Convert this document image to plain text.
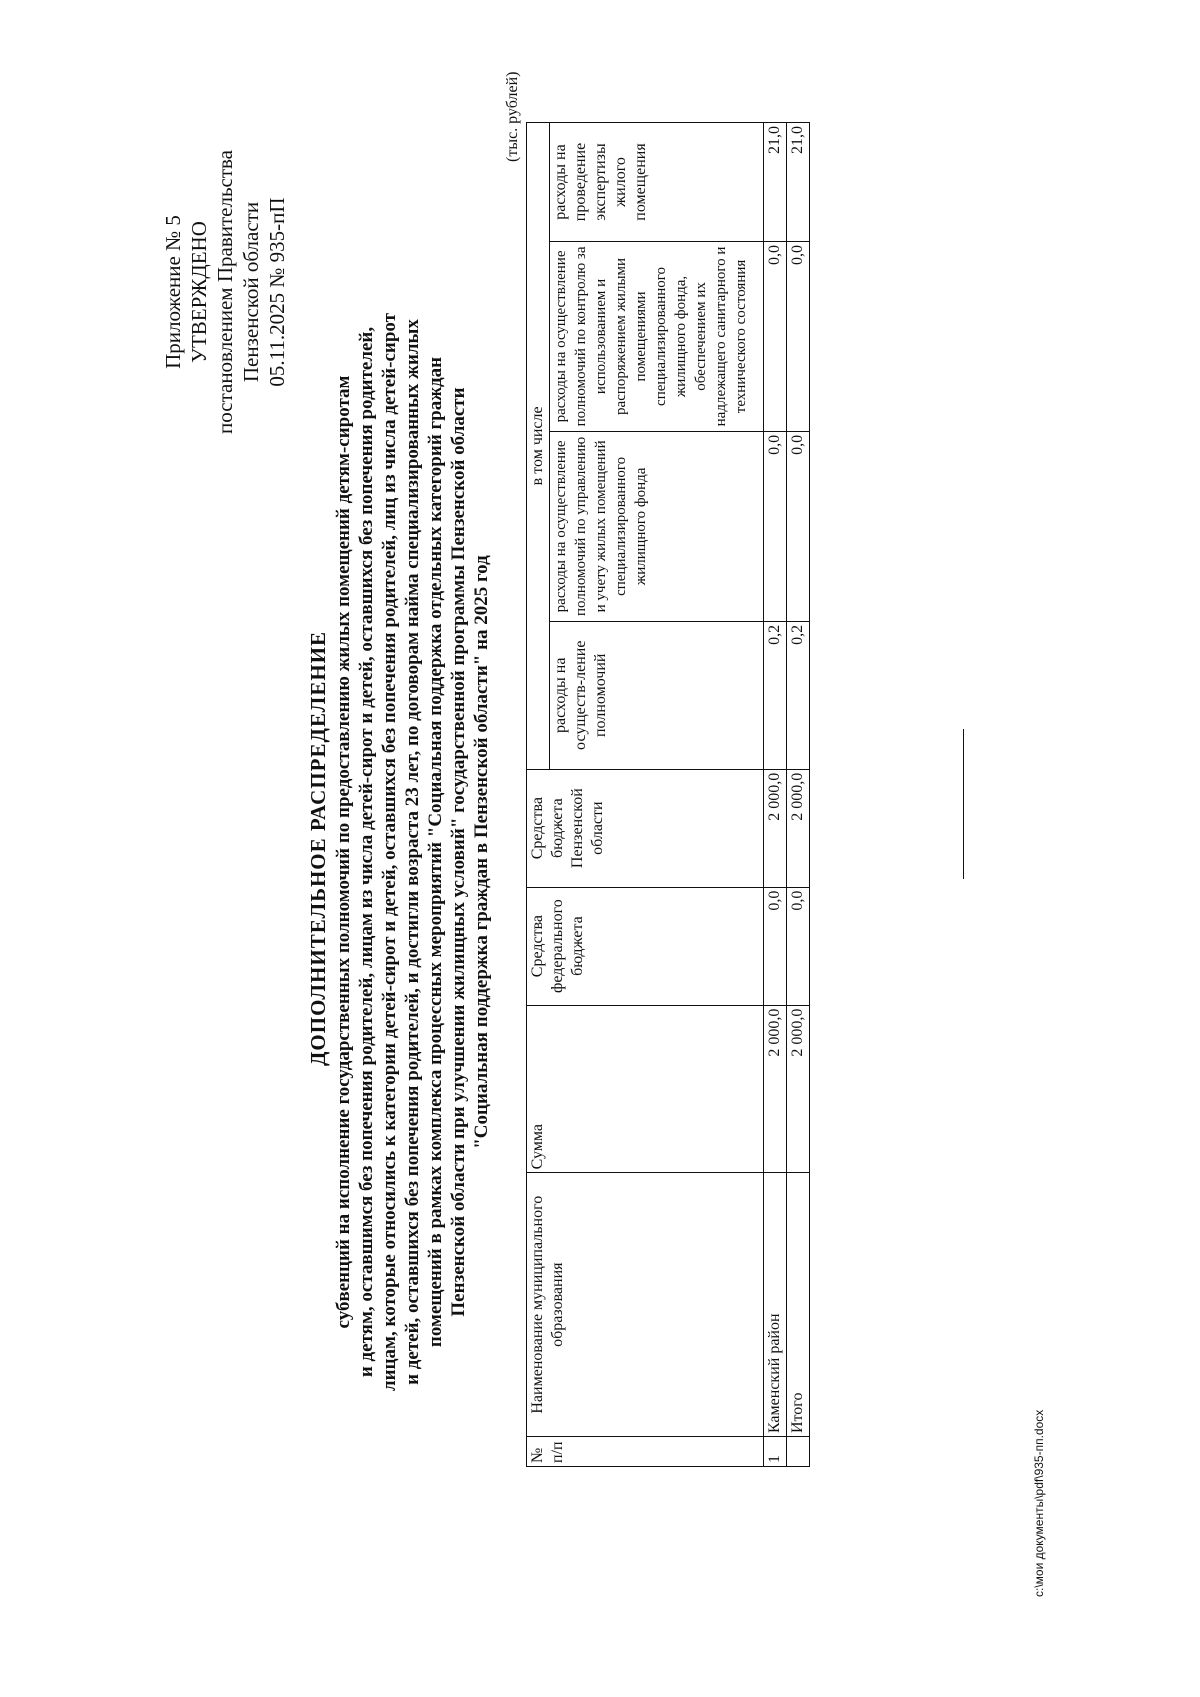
Приложение № 5 УТВЕРЖДЕНО постановлением Правительства Пензенской области 05.11.2025 № 935-пП
ДОПОЛНИТЕЛЬНОЕ РАСПРЕДЕЛЕНИЕ субвенций на исполнение государственных полномочий по предоставлению жилых помещений детям-сиротам и детям, оставшимся без попечения родителей, лицам из числа детей-сирот и детей, оставшихся без попечения родителей, лицам, которые относились к категории детей-сирот и детей, оставшихся без попечения родителей, лиц из числа детей-сирот и детей, оставшихся без попечения родителей, и достигли возраста 23 лет, по договорам найма специализированных жилых помещений в рамках комплекса процессных мероприятий "Социальная поддержка отдельных категорий граждан Пензенской области при улучшении жилищных условий" государственной программы Пензенской области "Социальная поддержка граждан в Пензенской области" на 2025 год
(тыс. рублей)
№ п/п	Наименование муниципального образования	Сумма	Средства федерального бюджета	Средства бюджета Пензенской области	в том числе			
					расходы на осуществ-ление полномочий	расходы на осуществление полномочий по управлению и учету жилых помещений специализированного жилищного фонда	расходы на осуществление полномочий по контролю за использованием и распоряжением жилыми помещениями специализированного жилищного фонда, обеспечением их надлежащего санитарного и технического состояния	расходы на проведение экспертизы жилого помещения
1	Каменский район	2 000,0	0,0	2 000,0	0,2	0,0	0,0	21,0
	Итого	2 000,0	0,0	2 000,0	0,2	0,0	0,0	21,0
c:\мои документы\pdf\935-пп.docx
